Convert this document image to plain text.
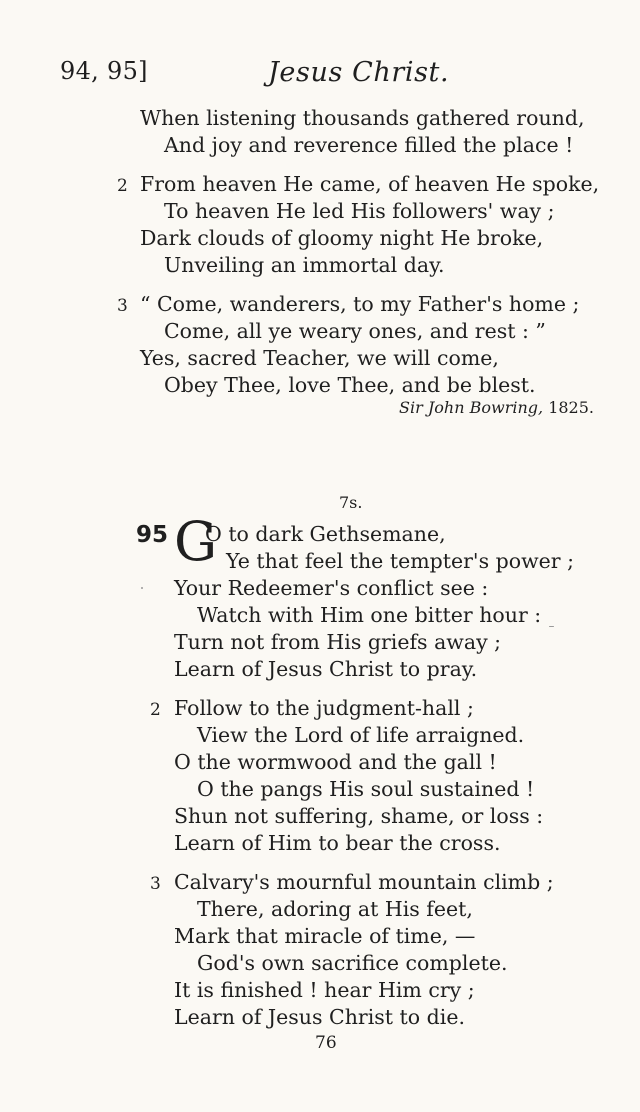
94, 95]	Jesus Christ.
When listening thousands gathered round,
And joy and reverence filled the place !
2 From heaven He came, of heaven He spoke,
To heaven He led His followers' way ;
Dark clouds of gloomy night He broke,
Unveiling an immortal day.
3 “ Come, wanderers, to my Father's home ;
Come, all ye weary ones, and rest : ”
Yes, sacred Teacher, we will come,
Obey Thee, love Thee, and be blest.
Sir John Bowring, 1825.
7s.
95 G
O to dark Gethsemane,
Ye that feel the tempter's power ;
Your Redeemer's conflict see :
Watch with Him one bitter hour :
Turn not from His griefs away ;
Learn of Jesus Christ to pray.
2 Follow to the judgment-hall ;
View the Lord of life arraigned.
O the wormwood and the gall !
O the pangs His soul sustained !
Shun not suffering, shame, or loss :
Learn of Him to bear the cross.
3 Calvary's mournful mountain climb ;
There, adoring at His feet,
Mark that miracle of time, —
God's own sacrifice complete.
It is finished ! hear Him cry ;
Learn of Jesus Christ to die.
76
